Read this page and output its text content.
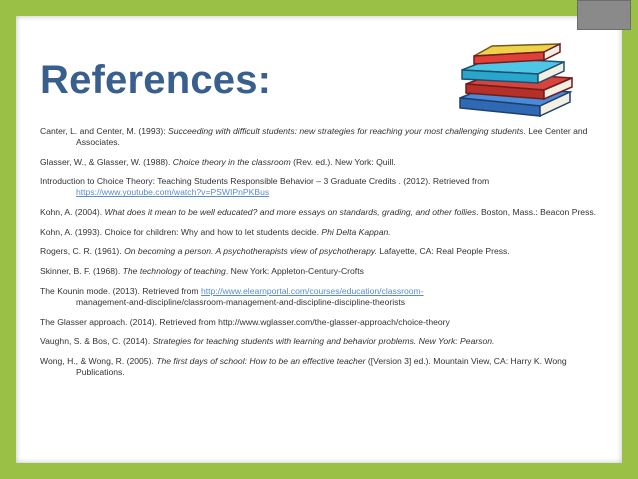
References:

Canter, L. and Center, M. (1993): Succeeding with difficult students: new strategies for reaching your most challenging students. Lee Center and Associates.

Glasser, W., & Glasser, W. (1988). Choice theory in the classroom (Rev. ed.). New York: Quill.

Introduction to Choice Theory: Teaching Students Responsible Behavior – 3 Graduate Credits . (2012). Retrieved from https://www.youtube.com/watch?v=PSWIPnPKBus

Kohn, A. (2004). What does it mean to be well educated? and more essays on standards, grading, and other follies. Boston, Mass.: Beacon Press.

Kohn, A. (1993). Choice for children: Why and how to let students decide. Phi Delta Kappan.

Rogers, C. R. (1961). On becoming a person. A psychotherapists view of psychotherapy. Lafayette, CA: Real People Press.

Skinner, B. F. (1968). The technology of teaching. New York: Appleton-Century-Crofts

The Kounin mode. (2013). Retrieved from http://www.elearnportal.com/courses/education/classroom-
management-and-discipline/classroom-management-and-discipline-discipline-theorists

The Glasser approach. (2014). Retrieved from http://www.wglasser.com/the-glasser-approach/choice-theory

Vaughn, S. & Bos, C. (2014). Strategies for teaching students with learning and behavior problems. New York: Pearson.

Wong, H., & Wong, R. (2005). The first days of school: How to be an effective teacher ([Version 3] ed.). Mountain View, CA: Harry K. Wong Publications.
